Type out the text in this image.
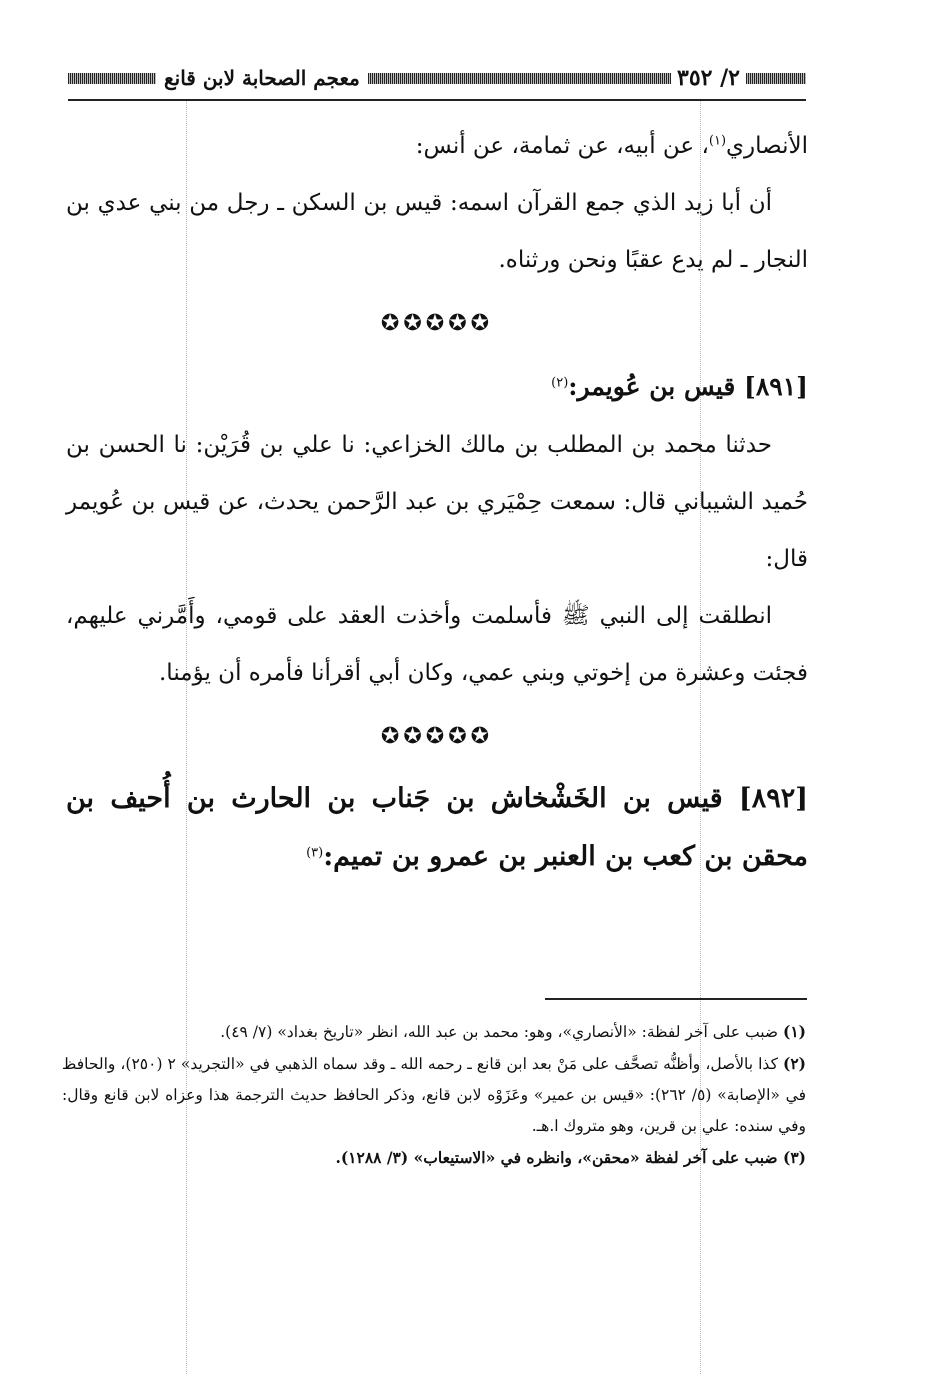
٢/ ٣٥٢
معجم الصحابة لابن قانع

الأنصاري$^{(١)}$، عن أبيه، عن ثمامة، عن أنس:

أن أبا زيد الذي جمع القرآن اسمه: قيس بن السكن ـ رجل من بني عدي بن النجار ـ لم يدع عقبًا ونحن ورثناه.

✪✪✪✪✪

[٨٩١] قيس بن عُويمر:$^{(٢)}$

حدثنا محمد بن المطلب بن مالك الخزاعي: نا علي بن قُرَيْن: نا الحسن بن حُميد الشيباني قال: سمعت حِمْيَري بن عبد الرَّحمن يحدث، عن قيس بن عُويمر قال:

انطلقت إلى النبي ﷺ فأسلمت وأخذت العقد على قومي، وأَمَّرني عليهم، فجئت وعشرة من إخوتي وبني عمي، وكان أبي أقرأنا فأمره أن يؤمنا.

✪✪✪✪✪

[٨٩٢] قيس بن الخَشْخاش بن جَناب بن الحارث بن أُحيف بن محقن بن كعب بن العنبر بن عمرو بن تميم:$^{(٣)}$

(١) ضبب على آخر لفظة: «الأنصاري»، وهو: محمد بن عبد الله، انظر «تاريخ بغداد» (٧/ ٤٩).

(٢) كذا بالأصل، وأظنُّه تصحَّف على مَنْ بعد ابن قانع ـ رحمه الله ـ وقد سماه الذهبي في «التجريد» ٢ (٢٥٠)، والحافظ في «الإصابة» (٥/ ٢٦٢): «قيس بن عمير» وعَزَوْه لابن قانع، وذكر الحافظ حديث الترجمة هذا وعزاه لابن قانع وقال: وفي سنده: علي بن قرين، وهو متروك ا.هـ.

(٣) ضبب على آخر لفظة «محقن»، وانظره في «الاستيعاب» (٣/ ١٢٨٨).
